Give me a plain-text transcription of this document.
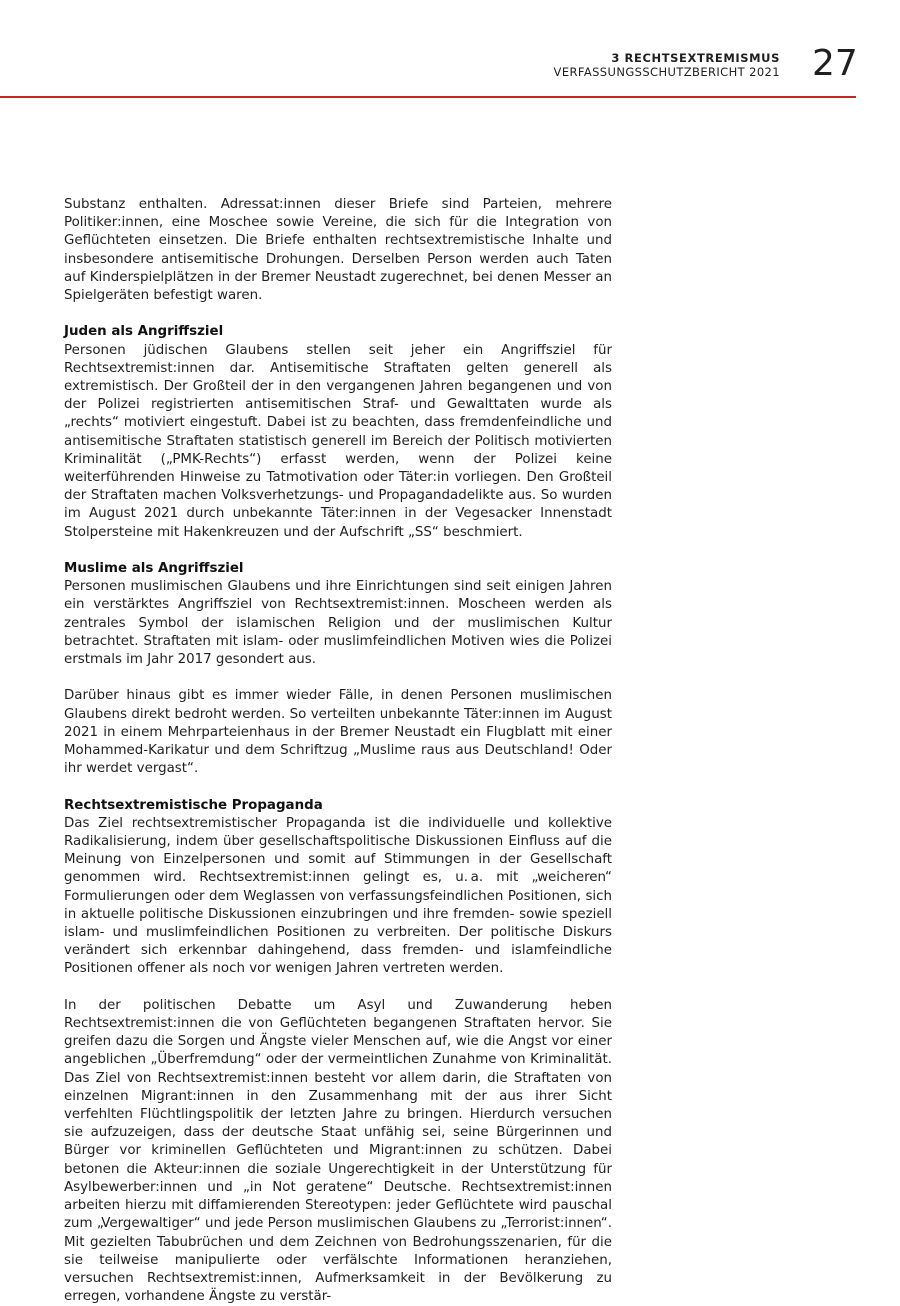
3 RECHTSEXTREMISMUS
VERFASSUNGSSCHUTZBERICHT 2021 27

Substanz enthalten. Adressat:innen dieser Briefe sind Parteien, mehrere Politiker:innen, eine Moschee sowie Vereine, die sich für die Integration von Geflüchteten einsetzen. Die Briefe enthalten rechtsextremistische Inhalte und insbesondere antisemitische Drohungen. Derselben Person werden auch Taten auf Kinderspielplätzen in der Bremer Neustadt zugerechnet, bei denen Messer an Spielgeräten befestigt waren.

Juden als Angriffsziel

Personen jüdischen Glaubens stellen seit jeher ein Angriffsziel für Rechtsextremist:innen dar. Antisemitische Straftaten gelten generell als extremistisch. Der Großteil der in den vergangenen Jahren begangenen und von der Polizei registrierten antisemitischen Straf- und Gewalttaten wurde als „rechts“ motiviert eingestuft. Dabei ist zu beachten, dass fremdenfeindliche und antisemitische Straftaten statistisch generell im Bereich der Politisch motivierten Kriminalität („PMK-Rechts“) erfasst werden, wenn der Polizei keine weiterführenden Hinweise zu Tatmotivation oder Täter:in vorliegen. Den Großteil der Straftaten machen Volksverhetzungs- und Propagandadelikte aus. So wurden im August 2021 durch unbekannte Täter:innen in der Vegesacker Innenstadt Stolpersteine mit Hakenkreuzen und der Aufschrift „SS“ beschmiert.

Muslime als Angriffsziel

Personen muslimischen Glaubens und ihre Einrichtungen sind seit einigen Jahren ein verstärktes Angriffsziel von Rechtsextremist:innen. Moscheen werden als zentrales Symbol der islamischen Religion und der muslimischen Kultur betrachtet. Straftaten mit islam- oder muslimfeindlichen Motiven wies die Polizei erstmals im Jahr 2017 gesondert aus.

Darüber hinaus gibt es immer wieder Fälle, in denen Personen muslimischen Glaubens direkt bedroht werden. So verteilten unbekannte Täter:innen im August 2021 in einem Mehrparteienhaus in der Bremer Neustadt ein Flugblatt mit einer Mohammed-Karikatur und dem Schriftzug „Muslime raus aus Deutschland! Oder ihr werdet vergast“.

Rechtsextremistische Propaganda

Das Ziel rechtsextremistischer Propaganda ist die individuelle und kollektive Radikalisierung, indem über gesellschaftspolitische Diskussionen Einfluss auf die Meinung von Einzelpersonen und somit auf Stimmungen in der Gesellschaft genommen wird. Rechtsextremist:innen gelingt es, u. a. mit „weicheren“ Formulierungen oder dem Weglassen von verfassungsfeindlichen Positionen, sich in aktuelle politische Diskussionen einzubringen und ihre fremden- sowie speziell islam- und muslimfeindlichen Positionen zu verbreiten. Der politische Diskurs verändert sich erkennbar dahingehend, dass fremden- und islamfeindliche Positionen offener als noch vor wenigen Jahren vertreten werden.

In der politischen Debatte um Asyl und Zuwanderung heben Rechtsextremist:innen die von Geflüchteten begangenen Straftaten hervor. Sie greifen dazu die Sorgen und Ängste vieler Menschen auf, wie die Angst vor einer angeblichen „Überfremdung“ oder der vermeintlichen Zunahme von Kriminalität. Das Ziel von Rechtsextremist:innen besteht vor allem darin, die Straftaten von einzelnen Migrant:innen in den Zusammenhang mit der aus ihrer Sicht verfehlten Flüchtlingspolitik der letzten Jahre zu bringen. Hierdurch versuchen sie aufzuzeigen, dass der deutsche Staat unfähig sei, seine Bürgerinnen und Bürger vor kriminellen Geflüchteten und Migrant:innen zu schützen. Dabei betonen die Akteur:innen die soziale Ungerechtigkeit in der Unterstützung für Asylbewerber:innen und „in Not geratene“ Deutsche. Rechtsextremist:innen arbeiten hierzu mit diffamierenden Stereotypen: jeder Geflüchtete wird pauschal zum „Vergewaltiger“ und jede Person muslimischen Glaubens zu „Terrorist:innen“. Mit gezielten Tabubrüchen und dem Zeichnen von Bedrohungsszenarien, für die sie teilweise manipulierte oder verfälschte Informationen heranziehen, versuchen Rechtsextremist:innen, Aufmerksamkeit in der Bevölkerung zu erregen, vorhandene Ängste zu verstär-
